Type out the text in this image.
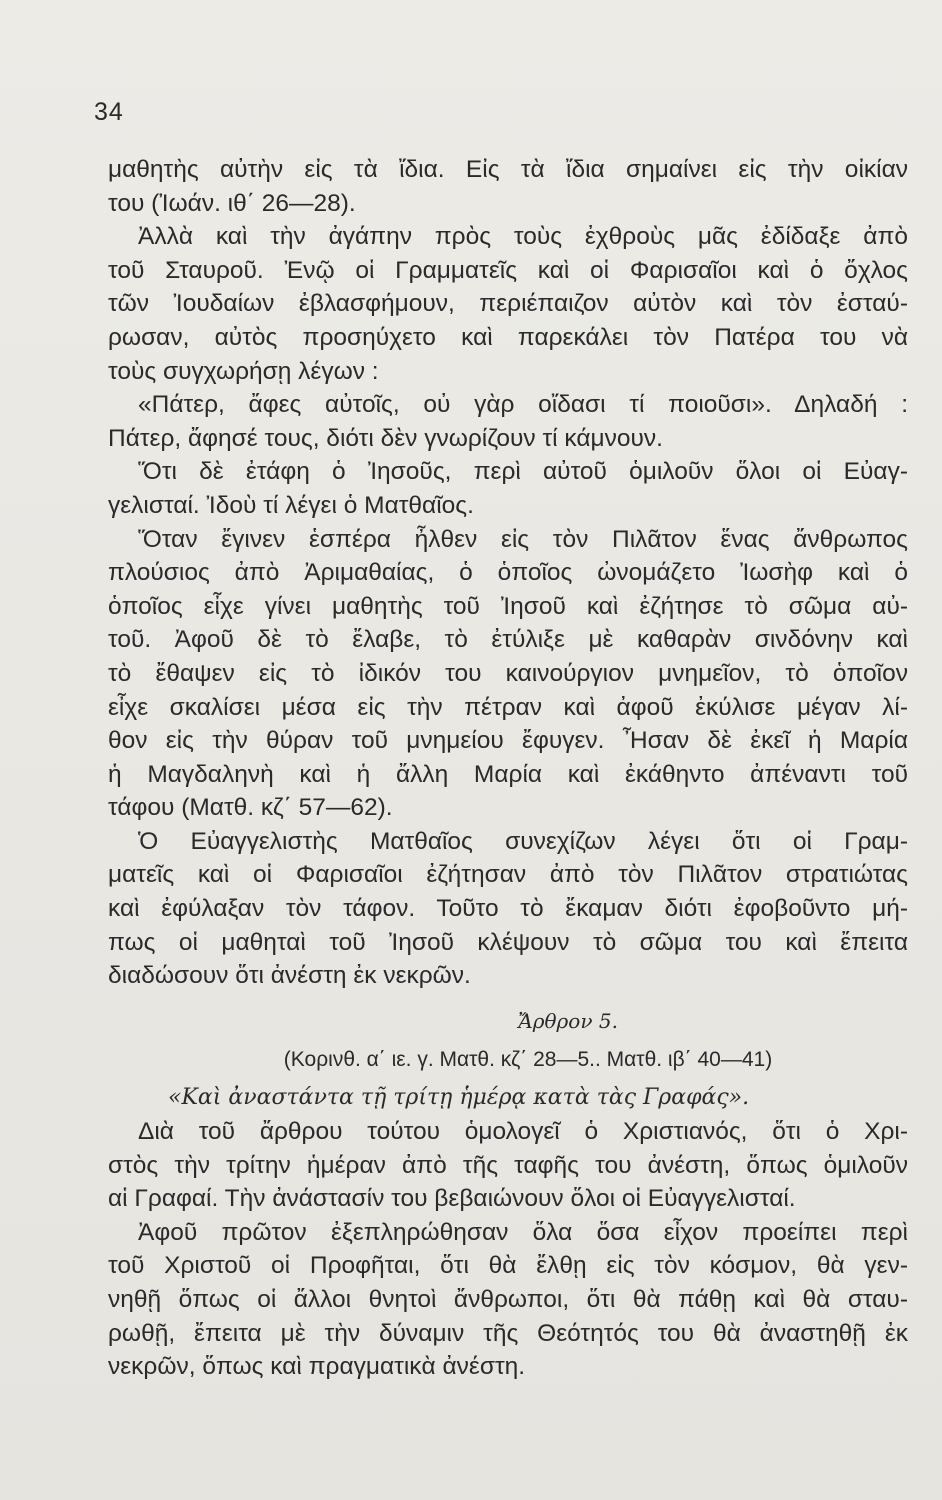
34
μαθητὴς αὐτὴν εἰς τὰ ἴδια. Εἰς τὰ ἴδια σημαίνει εἰς τὴν οἰκίαν
του (Ἰωάν. ιθ΄ 26—28).
Ἀλλὰ καὶ τὴν ἀγάπην πρὸς τοὺς ἐχθροὺς μᾶς ἐδίδαξε ἀπὸ
τοῦ Σταυροῦ. Ἐνῷ οἱ Γραμματεῖς καὶ οἱ Φαρισαῖοι καὶ ὁ ὄχλος
τῶν Ἰουδαίων ἐβλασφήμουν, περιέπαιζον αὐτὸν καὶ τὸν ἐσταύ-
ρωσαν, αὐτὸς προσηύχετο καὶ παρεκάλει τὸν Πατέρα του νὰ
τοὺς συγχωρήσῃ λέγων :
«Πάτερ, ἄφες αὐτοῖς, οὐ γὰρ οἴδασι τί ποιοῦσι». Δηλαδή :
Πάτερ, ἄφησέ τους, διότι δὲν γνωρίζουν τί κάμνουν.
Ὅτι δὲ ἐτάφη ὁ Ἰησοῦς, περὶ αὐτοῦ ὁμιλοῦν ὅλοι οἱ Εὐαγ-
γελισταί. Ἰδοὺ τί λέγει ὁ Ματθαῖος.
Ὅταν ἔγινεν ἑσπέρα ἦλθεν εἰς τὸν Πιλᾶτον ἕνας ἄνθρωπος
πλούσιος ἀπὸ Ἀριμαθαίας, ὁ ὁποῖος ὠνομάζετο Ἰωσὴφ καὶ ὁ
ὁποῖος εἶχε γίνει μαθητὴς τοῦ Ἰησοῦ καὶ ἐζήτησε τὸ σῶμα αὐ-
τοῦ. Ἀφοῦ δὲ τὸ ἔλαβε, τὸ ἐτύλιξε μὲ καθαρὰν σινδόνην καὶ
τὸ ἔθαψεν εἰς τὸ ἰδικόν του καινούργιον μνημεῖον, τὸ ὁποῖον
εἶχε σκαλίσει μέσα εἰς τὴν πέτραν καὶ ἀφοῦ ἐκύλισε μέγαν λί-
θον εἰς τὴν θύραν τοῦ μνημείου ἔφυγεν. Ἦσαν δὲ ἐκεῖ ἡ Μαρία
ἡ Μαγδαληνὴ καὶ ἡ ἄλλη Μαρία καὶ ἐκάθηντο ἀπέναντι τοῦ
τάφου (Ματθ. κζ΄ 57—62).
Ὁ Εὐαγγελιστὴς Ματθαῖος συνεχίζων λέγει ὅτι οἱ Γραμ-
ματεῖς καὶ οἱ Φαρισαῖοι ἐζήτησαν ἀπὸ τὸν Πιλᾶτον στρατιώτας
καὶ ἐφύλαξαν τὸν τάφον. Τοῦτο τὸ ἔκαμαν διότι ἐφοβοῦντο μή-
πως οἱ μαθηταὶ τοῦ Ἰησοῦ κλέψουν τὸ σῶμα του καὶ ἔπειτα
διαδώσουν ὅτι ἀνέστη ἐκ νεκρῶν.
Ἄρθρον 5.
(Κορινθ. α΄ ιε. γ. Ματθ. κζ΄ 28—5.. Ματθ. ιβ΄ 40—41)
«Καὶ ἀναστάντα τῇ τρίτῃ ἡμέρᾳ κατὰ τὰς Γραφάς».
Διὰ τοῦ ἄρθρου τούτου ὁμολογεῖ ὁ Χριστιανός, ὅτι ὁ Χρι-
στὸς τὴν τρίτην ἡμέραν ἀπὸ τῆς ταφῆς του ἀνέστη, ὅπως ὁμιλοῦν
αἱ Γραφαί. Τὴν ἀνάστασίν του βεβαιώνουν ὅλοι οἱ Εὐαγγελισταί.
Ἀφοῦ πρῶτον ἐξεπληρώθησαν ὅλα ὅσα εἶχον προείπει περὶ
τοῦ Χριστοῦ οἱ Προφῆται, ὅτι θὰ ἔλθῃ εἰς τὸν κόσμον, θὰ γεν-
νηθῇ ὅπως οἱ ἄλλοι θνητοὶ ἄνθρωποι, ὅτι θὰ πάθῃ καὶ θὰ σταυ-
ρωθῇ, ἔπειτα μὲ τὴν δύναμιν τῆς Θεότητός του θὰ ἀναστηθῇ ἐκ
νεκρῶν, ὅπως καὶ πραγματικὰ ἀνέστη.
